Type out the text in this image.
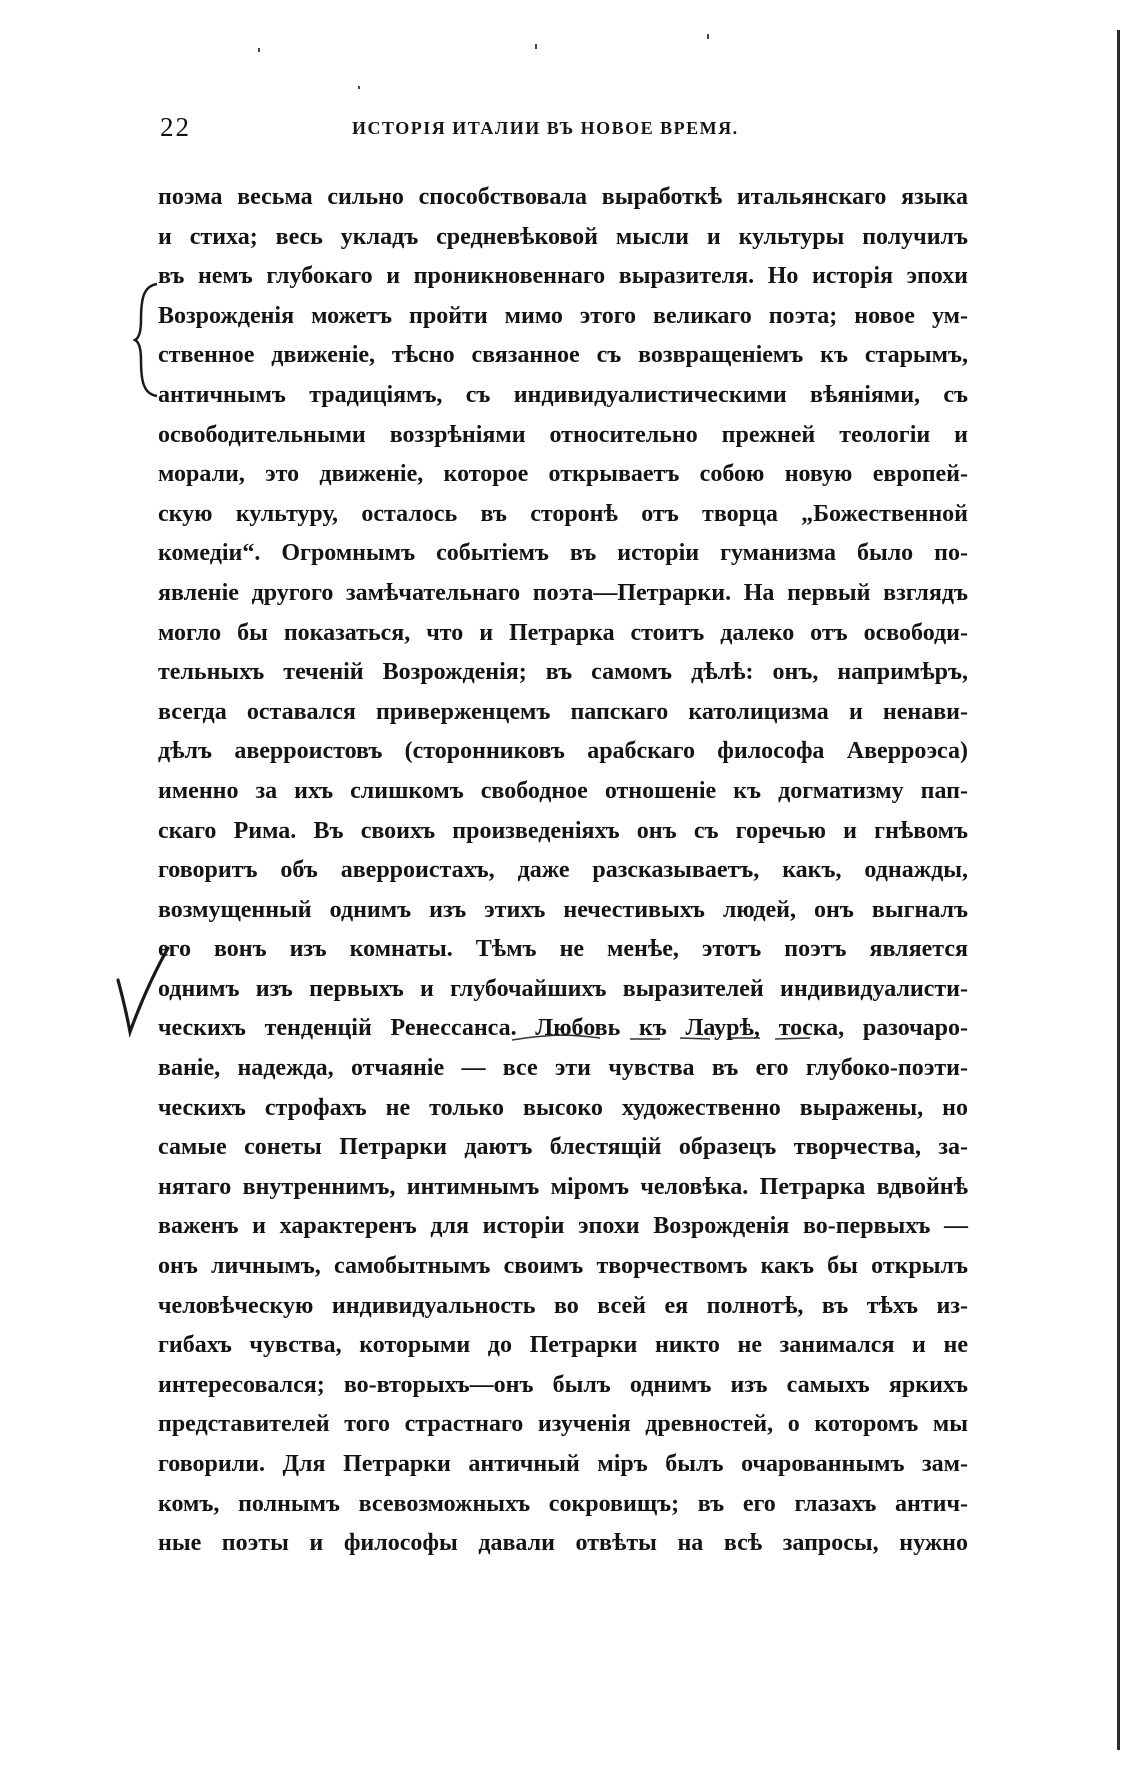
22	ИСТОРІЯ ИТАЛИИ ВЪ НОВОЕ ВРЕМЯ.
поэма весьма сильно способствовала выработкѣ итальянскаго языка
и стиха; весь укладъ средневѣковой мысли и культуры получилъ
въ немъ глубокаго и проникновеннаго выразителя. Но исторія эпохи
Возрожденія можетъ пройти мимо этого великаго поэта; новое ум-
ственное движеніе, тѣсно связанное съ возвращеніемъ къ старымъ,
античнымъ традиціямъ, съ индивидуалистическими вѣяніями, съ
освободительными воззрѣніями относительно прежней теологіи и
морали, это движеніе, которое открываетъ собою новую европей-
скую культуру, осталось въ сторонѣ отъ творца „Божественной
комедіи“. Огромнымъ событіемъ въ исторіи гуманизма было по-
явленіе другого замѣчательнаго поэта—Петрарки. На первый взглядъ
могло бы показаться, что и Петрарка стоитъ далеко отъ освободи-
тельныхъ теченій Возрожденія; въ самомъ дѣлѣ: онъ, напримѣръ,
всегда оставался приверженцемъ папскаго католицизма и ненави-
дѣлъ аверроистовъ (сторонниковъ арабскаго философа Аверроэса)
именно за ихъ слишкомъ свободное отношеніе къ догматизму пап-
скаго Рима. Въ своихъ произведеніяхъ онъ съ горечью и гнѣвомъ
говоритъ объ аверроистахъ, даже разсказываетъ, какъ, однажды,
возмущенный однимъ изъ этихъ нечестивыхъ людей, онъ выгналъ
его вонъ изъ комнаты. Тѣмъ не менѣе, этотъ поэтъ является
однимъ изъ первыхъ и глубочайшихъ выразителей индивидуалисти-
ческихъ тенденцій Ренессанса. Любовь къ Лаурѣ, тоска, разочаро-
ваніе, надежда, отчаяніе — все эти чувства въ его глубоко-поэти-
ческихъ строфахъ не только высоко художественно выражены, но
самые сонеты Петрарки даютъ блестящій образецъ творчества, за-
нятаго внутреннимъ, интимнымъ міромъ человѣка. Петрарка вдвойнѣ
важенъ и характеренъ для исторіи эпохи Возрожденія во-первыхъ —
онъ личнымъ, самобытнымъ своимъ творчествомъ какъ бы открылъ
человѣческую индивидуальность во всей ея полнотѣ, въ тѣхъ из-
гибахъ чувства, которыми до Петрарки никто не занимался и не
интересовался; во-вторыхъ—онъ былъ однимъ изъ самыхъ яркихъ
представителей того страстнаго изученія древностей, о которомъ мы
говорили. Для Петрарки античный міръ былъ очарованнымъ зам-
комъ, полнымъ всевозможныхъ сокровищъ; въ его глазахъ антич-
ные поэты и философы давали отвѣты на всѣ запросы, нужно
